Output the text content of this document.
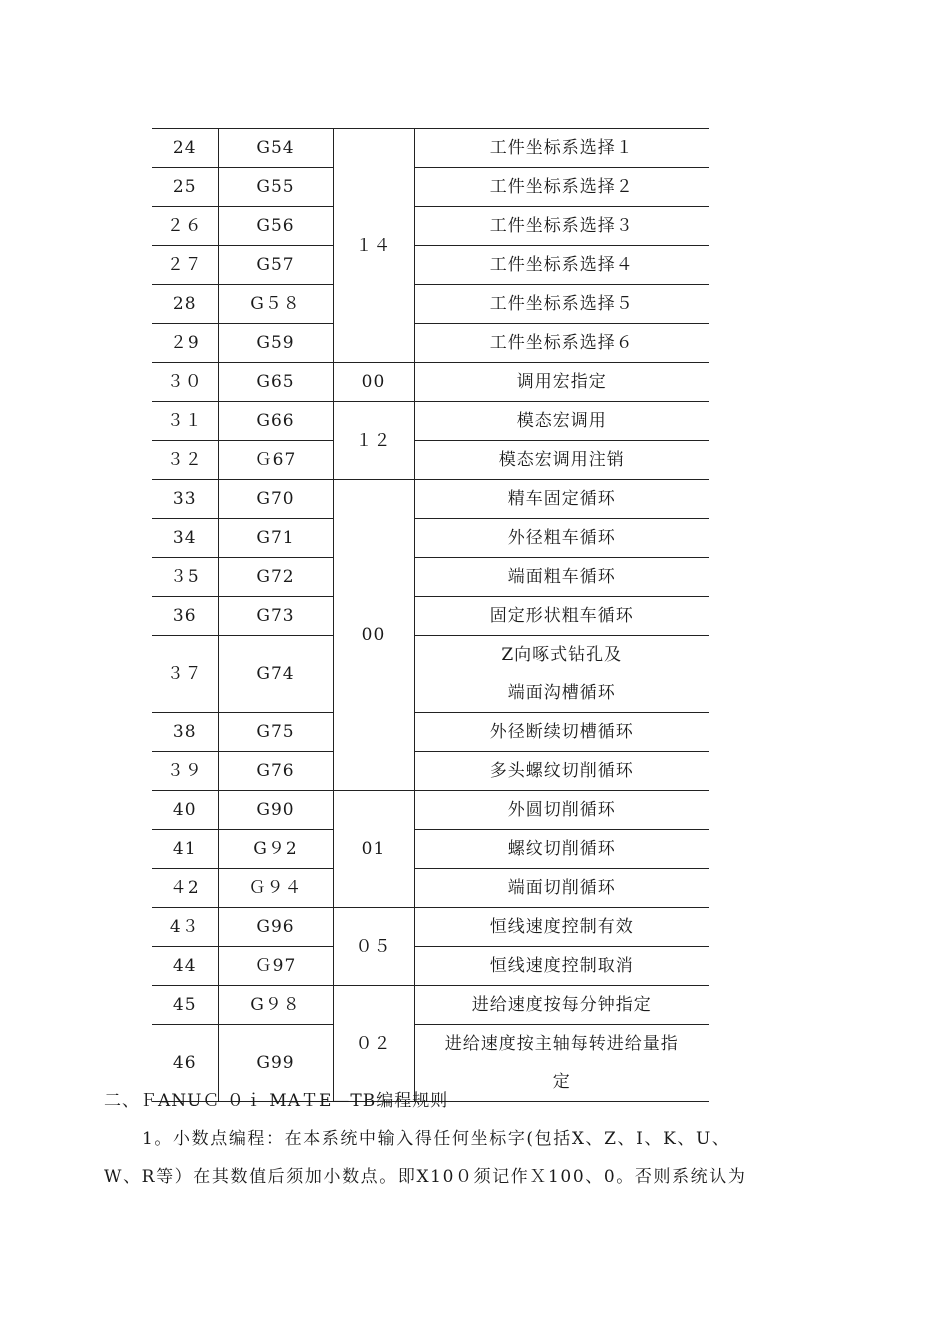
24	G54	１４	工件坐标系选择１

25	G55		工件坐标系选择２

２６	G56		工件坐标系选择３

２７	G57		工件坐标系选择４

28	G５８		工件坐标系选择５

２9	G59		工件坐标系选择６

３０	G65	00	调用宏指定

３１	G66	１２	模态宏调用

３２	Ｇ67		模态宏调用注销

33	G70	00	精车固定循环

34	G71		外径粗车循环

３5	G72		端面粗车循环

36	G73		固定形状粗车循环

３７	G74		Z向啄式钻孔及
端面沟槽循环

38	G75		外径断续切槽循环

３９	G76		多头螺纹切削循环

40	G90	01	外圆切削循环

41	G９2		螺纹切削循环

４2	Ｇ９４		端面切削循环

4３	G96	０５	恒线速度控制有效

44	Ｇ97		恒线速度控制取消

45	G９８	０２	进给速度按每分钟指定

46	G99		进给速度按主轴每转进给量指
定
二、ＦANUＣ ０ｉ MAＴE—TB编程规则
1。小数点编程：在本系统中输入得任何坐标字(包括X、Z、I、K、U、
W、R等）在其数值后须加小数点。即X10０须记作Ｘ100、0。否则系统认为
